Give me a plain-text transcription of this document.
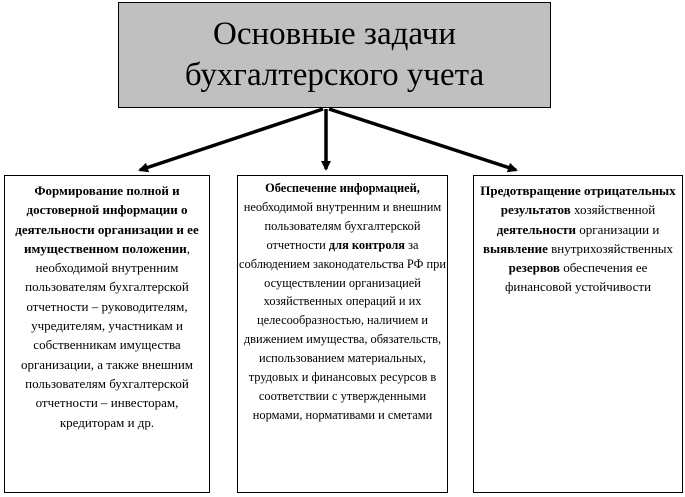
Основные задачи
бухгалтерского учета
Формирование полной и достоверной информации о деятельности организации и ее имущественном положении, необходимой внутренним пользователям бухгалтерской отчетности – руководителям, учредителям, участникам и собственникам имущества организации, а также внешним пользователям бухгалтерской отчетности – инвесторам, кредиторам и др.
Обеспечение информацией, необходимой внутренним и внешним пользователям бухгалтерской отчетности для контроля за соблюдением законодательства РФ при осуществлении организацией хозяйственных операций и их целесообразностью, наличием и движением имущества, обязательств, использованием материальных, трудовых и финансовых ресурсов в соответствии с утвержденными нормами, нормативами и сметами
Предотвращение отрицательных результатов хозяйственной деятельности организации и выявление внутрихозяйственных резервов обеспечения ее финансовой устойчивости
